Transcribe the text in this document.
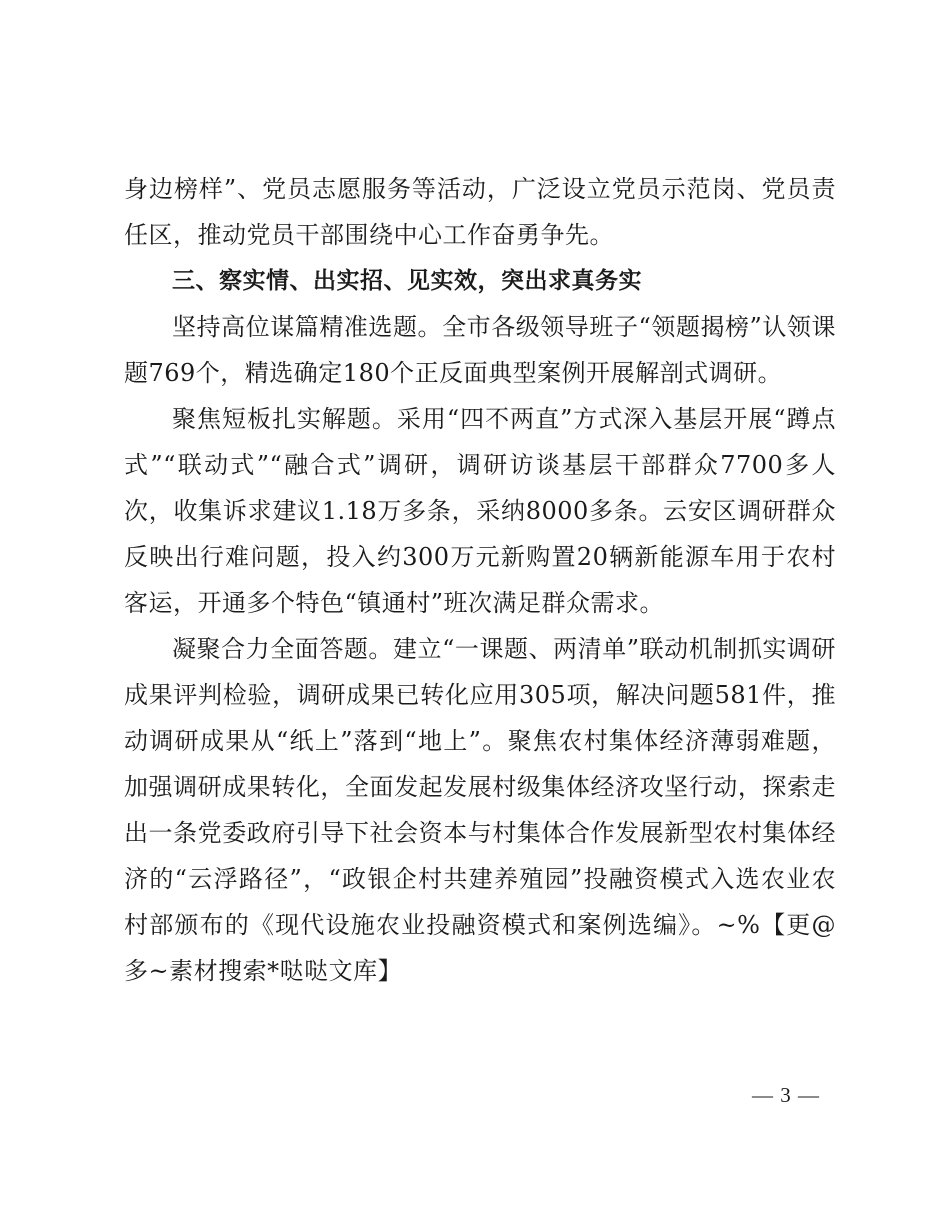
身边榜样”、党员志愿服务等活动，广泛设立党员示范岗、党员责任区，推动党员干部围绕中心工作奋勇争先。

三、察实情、出实招、见实效，突出求真务实

坚持高位谋篇精准选题。全市各级领导班子“领题揭榜”认领课题769个，精选确定180个正反面典型案例开展解剖式调研。

聚焦短板扎实解题。采用“四不两直”方式深入基层开展“蹲点式”“联动式”“融合式”调研，调研访谈基层干部群众7700多人次，收集诉求建议1.18万多条，采纳8000多条。云安区调研群众反映出行难问题，投入约300万元新购置20辆新能源车用于农村客运，开通多个特色“镇通村”班次满足群众需求。

凝聚合力全面答题。建立“一课题、两清单”联动机制抓实调研成果评判检验，调研成果已转化应用305项，解决问题581件，推动调研成果从“纸上”落到“地上”。聚焦农村集体经济薄弱难题，加强调研成果转化，全面发起发展村级集体经济攻坚行动，探索走出一条党委政府引导下社会资本与村集体合作发展新型农村集体经济的“云浮路径”，“政银企村共建养殖园”投融资模式入选农业农村部颁布的《现代设施农业投融资模式和案例选编》。~%【更@多~素材搜索*哒哒文库】

— 3 —
